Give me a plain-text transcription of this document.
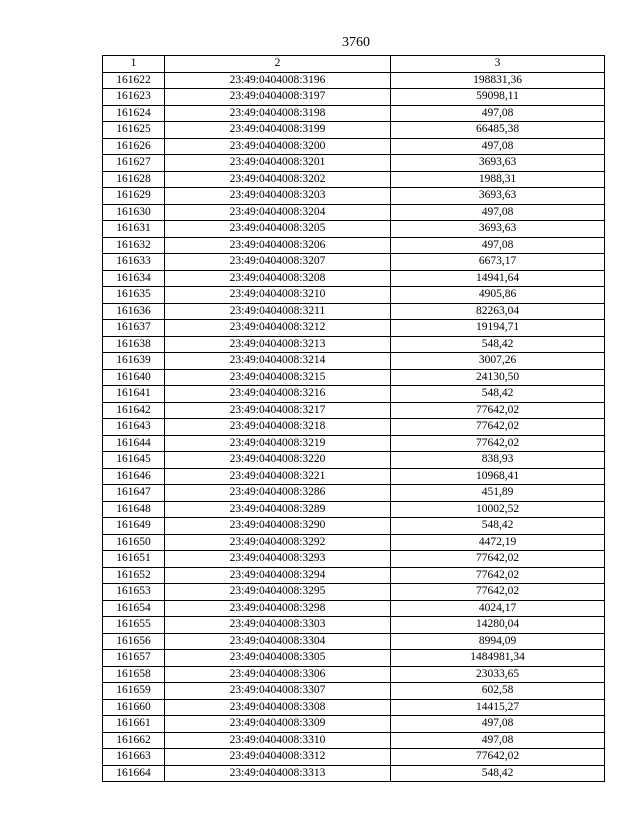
3760
1	2	3
161622	23:49:0404008:3196	198831,36
161623	23:49:0404008:3197	59098,11
161624	23:49:0404008:3198	497,08
161625	23:49:0404008:3199	66485,38
161626	23:49:0404008:3200	497,08
161627	23:49:0404008:3201	3693,63
161628	23:49:0404008:3202	1988,31
161629	23:49:0404008:3203	3693,63
161630	23:49:0404008:3204	497,08
161631	23:49:0404008:3205	3693,63
161632	23:49:0404008:3206	497,08
161633	23:49:0404008:3207	6673,17
161634	23:49:0404008:3208	14941,64
161635	23:49:0404008:3210	4905,86
161636	23:49:0404008:3211	82263,04
161637	23:49:0404008:3212	19194,71
161638	23:49:0404008:3213	548,42
161639	23:49:0404008:3214	3007,26
161640	23:49:0404008:3215	24130,50
161641	23:49:0404008:3216	548,42
161642	23:49:0404008:3217	77642,02
161643	23:49:0404008:3218	77642,02
161644	23:49:0404008:3219	77642,02
161645	23:49:0404008:3220	838,93
161646	23:49:0404008:3221	10968,41
161647	23:49:0404008:3286	451,89
161648	23:49:0404008:3289	10002,52
161649	23:49:0404008:3290	548,42
161650	23:49:0404008:3292	4472,19
161651	23:49:0404008:3293	77642,02
161652	23:49:0404008:3294	77642,02
161653	23:49:0404008:3295	77642,02
161654	23:49:0404008:3298	4024,17
161655	23:49:0404008:3303	14280,04
161656	23:49:0404008:3304	8994,09
161657	23:49:0404008:3305	1484981,34
161658	23:49:0404008:3306	23033,65
161659	23:49:0404008:3307	602,58
161660	23:49:0404008:3308	14415,27
161661	23:49:0404008:3309	497,08
161662	23:49:0404008:3310	497,08
161663	23:49:0404008:3312	77642,02
161664	23:49:0404008:3313	548,42
